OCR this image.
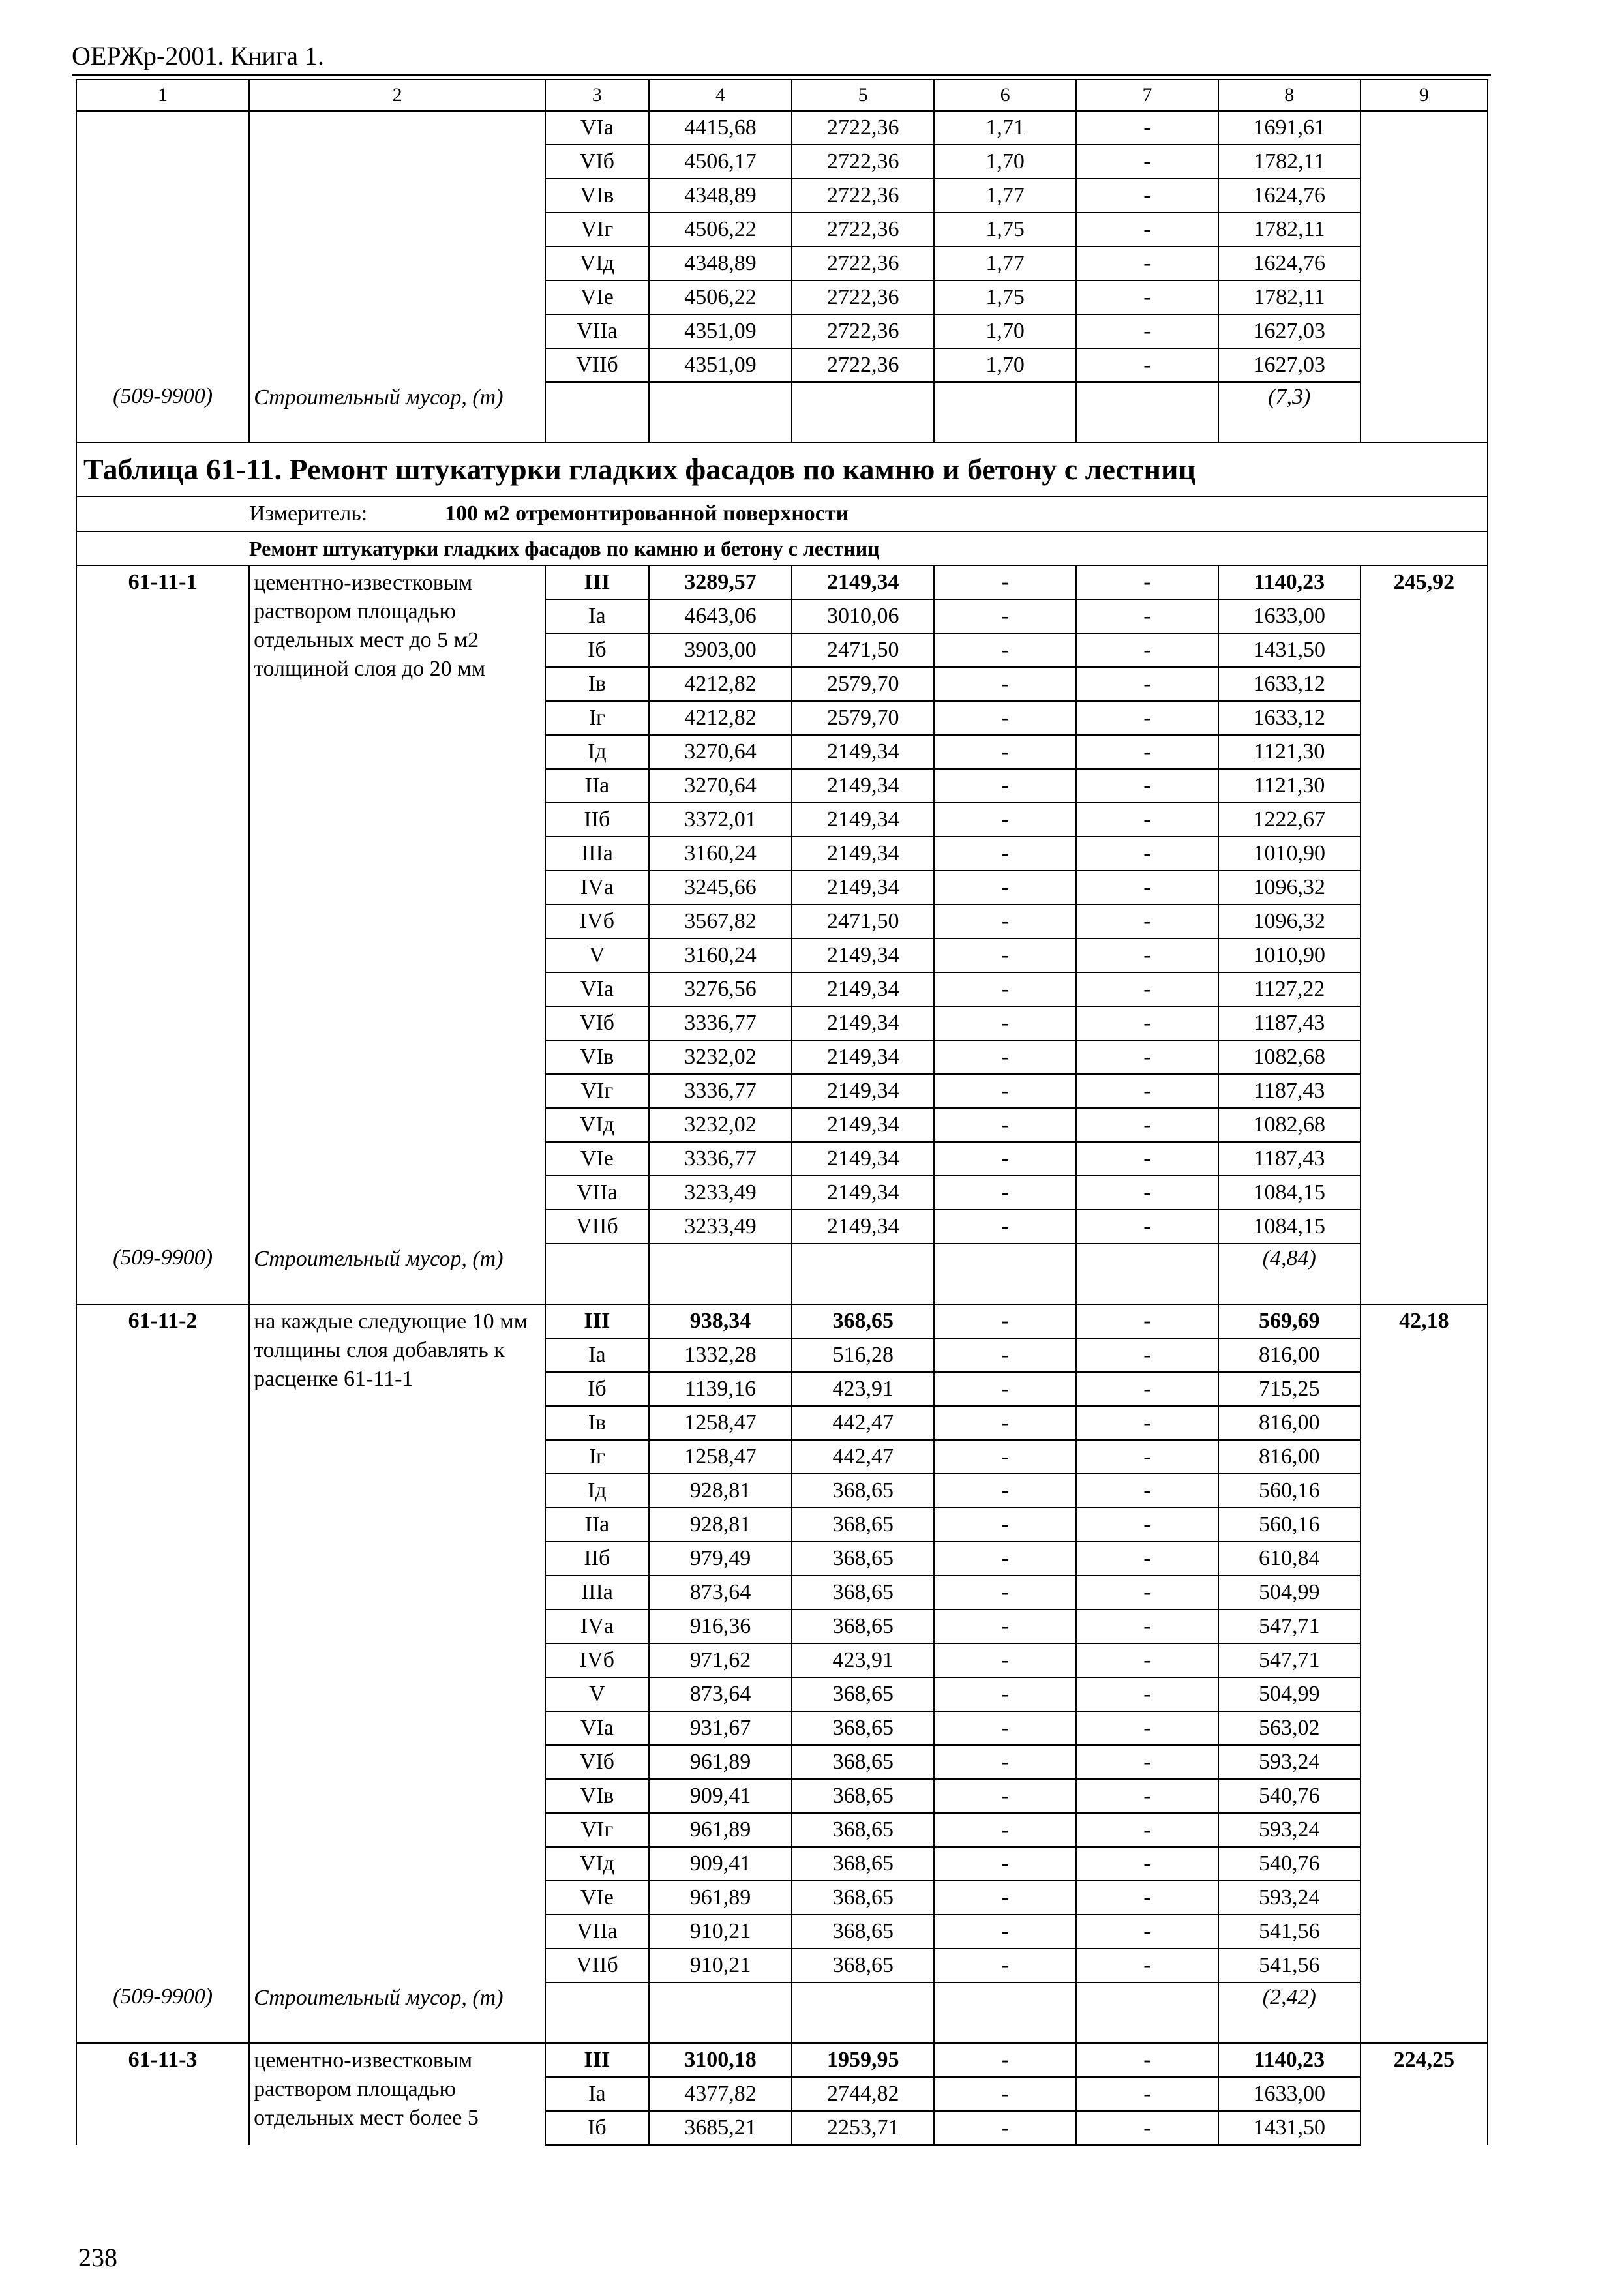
ОЕРЖр-2001. Книга 1.
1	2	3	4	5	6	7	8	9
		VIа	4415,68	2722,36	1,71	-	1691,61	
		VIб	4506,17	2722,36	1,70	-	1782,11	
		VIв	4348,89	2722,36	1,77	-	1624,76	
		VIг	4506,22	2722,36	1,75	-	1782,11	
		VIд	4348,89	2722,36	1,77	-	1624,76	
		VIе	4506,22	2722,36	1,75	-	1782,11	
		VIIа	4351,09	2722,36	1,70	-	1627,03	
		VIIб	4351,09	2722,36	1,70	-	1627,03	
(509-9900)	Строительный мусор, (т)						(7,3)	
Таблица 61-11. Ремонт штукатурки гладких фасадов по камню и бетону с лестниц								
Измеритель: 100 м2 отремонтированной поверхности								
Ремонт штукатурки гладких фасадов по камню и бетону с лестниц								
61-11-1	цементно-известковым раствором площадью отдельных мест до 5 м2 толщиной слоя до 20 мм	III	3289,57	2149,34	-	-	1140,23	245,92
		Iа	4643,06	3010,06	-	-	1633,00	
		Iб	3903,00	2471,50	-	-	1431,50	
		Iв	4212,82	2579,70	-	-	1633,12	
		Iг	4212,82	2579,70	-	-	1633,12	
		Iд	3270,64	2149,34	-	-	1121,30	
		IIа	3270,64	2149,34	-	-	1121,30	
		IIб	3372,01	2149,34	-	-	1222,67	
		IIIа	3160,24	2149,34	-	-	1010,90	
		IVа	3245,66	2149,34	-	-	1096,32	
		IVб	3567,82	2471,50	-	-	1096,32	
		V	3160,24	2149,34	-	-	1010,90	
		VIа	3276,56	2149,34	-	-	1127,22	
		VIб	3336,77	2149,34	-	-	1187,43	
		VIв	3232,02	2149,34	-	-	1082,68	
		VIг	3336,77	2149,34	-	-	1187,43	
		VIд	3232,02	2149,34	-	-	1082,68	
		VIе	3336,77	2149,34	-	-	1187,43	
		VIIа	3233,49	2149,34	-	-	1084,15	
		VIIб	3233,49	2149,34	-	-	1084,15	
(509-9900)	Строительный мусор, (т)						(4,84)	
61-11-2	на каждые следующие 10 мм толщины слоя добавлять к расценке 61-11-1	III	938,34	368,65	-	-	569,69	42,18
		Iа	1332,28	516,28	-	-	816,00	
		Iб	1139,16	423,91	-	-	715,25	
		Iв	1258,47	442,47	-	-	816,00	
		Iг	1258,47	442,47	-	-	816,00	
		Iд	928,81	368,65	-	-	560,16	
		IIа	928,81	368,65	-	-	560,16	
		IIб	979,49	368,65	-	-	610,84	
		IIIа	873,64	368,65	-	-	504,99	
		IVа	916,36	368,65	-	-	547,71	
		IVб	971,62	423,91	-	-	547,71	
		V	873,64	368,65	-	-	504,99	
		VIа	931,67	368,65	-	-	563,02	
		VIб	961,89	368,65	-	-	593,24	
		VIв	909,41	368,65	-	-	540,76	
		VIг	961,89	368,65	-	-	593,24	
		VIд	909,41	368,65	-	-	540,76	
		VIе	961,89	368,65	-	-	593,24	
		VIIа	910,21	368,65	-	-	541,56	
		VIIб	910,21	368,65	-	-	541,56	
(509-9900)	Строительный мусор, (т)						(2,42)	
61-11-3	цементно-известковым раствором площадью отдельных мест более 5	III	3100,18	1959,95	-	-	1140,23	224,25
		Iа	4377,82	2744,82	-	-	1633,00	
		Iб	3685,21	2253,71	-	-	1431,50	
238
